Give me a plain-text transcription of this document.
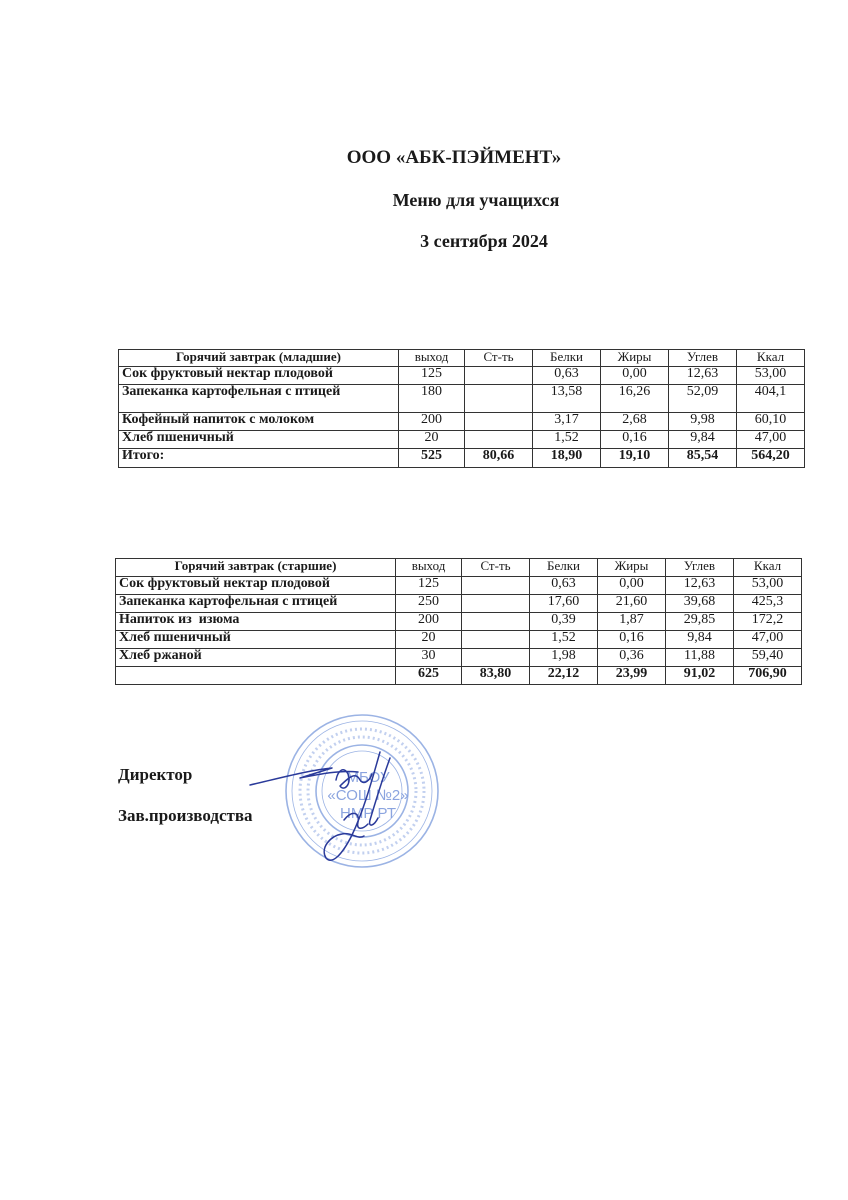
ООО «АБК-ПЭЙМЕНТ»
Меню для учащихся
3 сентября 2024
Горячий завтрак (младшие)	выход	Ст-ть	Белки	Жиры	Углев	Ккал
Сок фруктовый нектар плодовой	125		0,63	0,00	12,63	53,00
Запеканка картофельная с птицей	180		13,58	16,26	52,09	404,1
Кофейный напиток с молоком	200		3,17	2,68	9,98	60,10
Хлеб пшеничный	20		1,52	0,16	9,84	47,00
Итого:	525	80,66	18,90	19,10	85,54	564,20
Горячий завтрак (старшие)	выход	Ст-ть	Белки	Жиры	Углев	Ккал
Сок фруктовый нектар плодовой	125		0,63	0,00	12,63	53,00
Запеканка картофельная с птицей	250		17,60	21,60	39,68	425,3
Напиток из  изюма	200		0,39	1,87	29,85	172,2
Хлеб пшеничный	20		1,52	0,16	9,84	47,00
Хлеб ржаной	30		1,98	0,36	11,88	59,40
	625	83,80	22,12	23,99	91,02	706,90
Директор
Зав.производства
МБОУ
«СОШ №2»
НМР РТ
